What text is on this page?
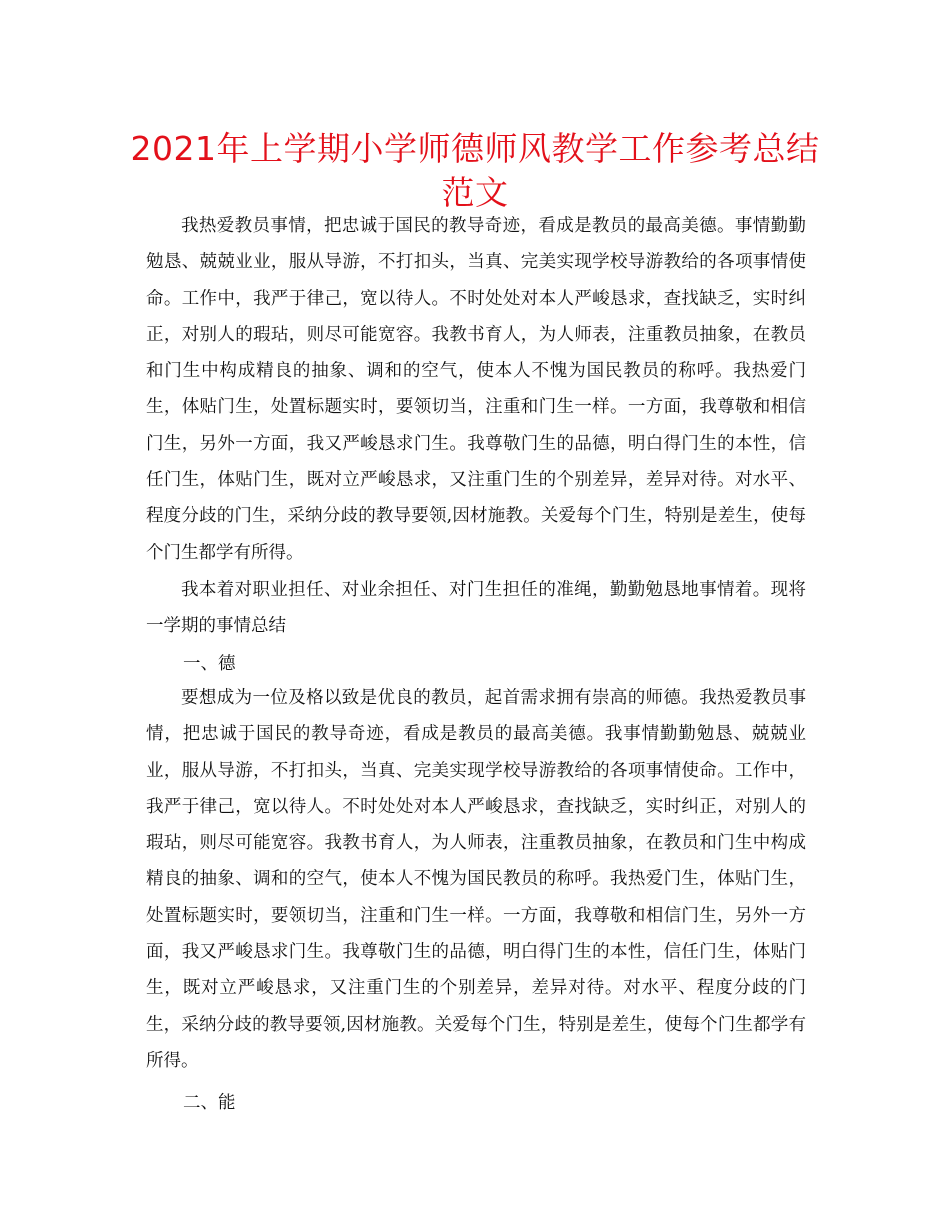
2021年上学期小学师德师风教学工作参考总结
范文

我热爱教员事情，把忠诚于国民的教导奇迹，看成是教员的最高美德。事情勤勤勉恳、兢兢业业，服从导游，不打扣头，当真、完美实现学校导游教给的各项事情使命。工作中，我严于律己，宽以待人。不时处处对本人严峻恳求，查找缺乏，实时纠正，对别人的瑕玷，则尽可能宽容。我教书育人，为人师表，注重教员抽象，在教员和门生中构成精良的抽象、调和的空气，使本人不愧为国民教员的称呼。我热爱门生，体贴门生，处置标题实时，要领切当，注重和门生一样。一方面，我尊敬和相信门生，另外一方面，我又严峻恳求门生。我尊敬门生的品德，明白得门生的本性，信任门生，体贴门生，既对立严峻恳求，又注重门生的个别差异，差异对待。对水平、程度分歧的门生，采纳分歧的教导要领,因材施教。关爱每个门生，特别是差生，使每个门生都学有所得。

我本着对职业担任、对业余担任、对门生担任的准绳，勤勤勉恳地事情着。现将一学期的事情总结

一、德

要想成为一位及格以致是优良的教员，起首需求拥有崇高的师德。我热爱教员事情，把忠诚于国民的教导奇迹，看成是教员的最高美德。我事情勤勤勉恳、兢兢业业，服从导游，不打扣头，当真、完美实现学校导游教给的各项事情使命。工作中，我严于律己，宽以待人。不时处处对本人严峻恳求，查找缺乏，实时纠正，对别人的瑕玷，则尽可能宽容。我教书育人，为人师表，注重教员抽象，在教员和门生中构成精良的抽象、调和的空气，使本人不愧为国民教员的称呼。我热爱门生，体贴门生，处置标题实时，要领切当，注重和门生一样。一方面，我尊敬和相信门生，另外一方面，我又严峻恳求门生。我尊敬门生的品德，明白得门生的本性，信任门生，体贴门生，既对立严峻恳求，又注重门生的个别差异，差异对待。对水平、程度分歧的门生，采纳分歧的教导要领,因材施教。关爱每个门生，特别是差生，使每个门生都学有所得。

二、能
